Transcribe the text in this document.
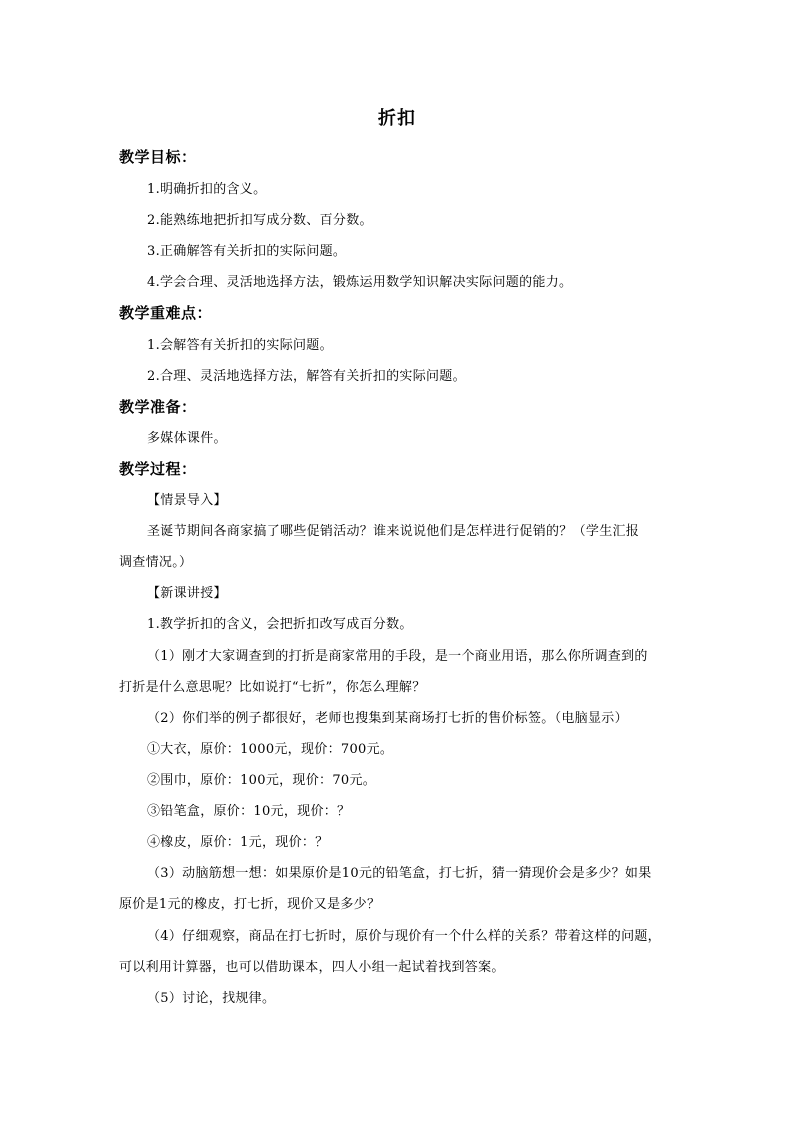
折扣
教学目标：
1.明确折扣的含义。
2.能熟练地把折扣写成分数、百分数。
3.正确解答有关折扣的实际问题。
4.学会合理、灵活地选择方法，锻炼运用数学知识解决实际问题的能力。
教学重难点：
1.会解答有关折扣的实际问题。
2.合理、灵活地选择方法，解答有关折扣的实际问题。
教学准备：
多媒体课件。
教学过程：
【情景导入】
圣诞节期间各商家搞了哪些促销活动？谁来说说他们是怎样进行促销的？（学生汇报
调查情况。）
【新课讲授】
1.教学折扣的含义，会把折扣改写成百分数。
（1）刚才大家调查到的打折是商家常用的手段，是一个商业用语，那么你所调查到的
打折是什么意思呢？比如说打“七折”，你怎么理解？
（2）你们举的例子都很好，老师也搜集到某商场打七折的售价标签。（电脑显示）
①大衣，原价：1000元，现价：700元。
②围巾，原价：100元，现价：70元。
③铅笔盒，原价：10元，现价：？
④橡皮，原价：1元，现价：？
（3）动脑筋想一想：如果原价是10元的铅笔盒，打七折，猜一猜现价会是多少？如果
原价是1元的橡皮，打七折，现价又是多少？
（4）仔细观察，商品在打七折时，原价与现价有一个什么样的关系？带着这样的问题，
可以利用计算器，也可以借助课本，四人小组一起试着找到答案。
（5）讨论，找规律。
